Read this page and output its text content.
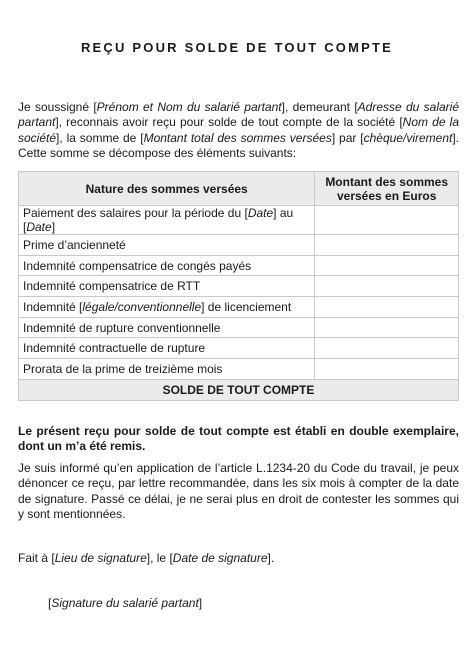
REÇU POUR SOLDE DE TOUT COMPTE
Je soussigné [Prénom et Nom du salarié partant], demeurant [Adresse du salarié partant], reconnais avoir reçu pour solde de tout compte de la société [Nom de la société], la somme de [Montant total des sommes versées] par [chèque/virement]. Cette somme se décompose des éléments suivants:
Nature des sommes versées	Montant des sommes versées en Euros
Paiement des salaires pour la période du [Date] au [Date]	
Prime d’ancienneté	
Indemnité compensatrice de congés payés	
Indemnité compensatrice de RTT	
Indemnité [légale/conventionnelle] de licenciement	
Indemnité de rupture conventionnelle	
Indemnité contractuelle de rupture	
Prorata de la prime de treizième mois	
SOLDE DE TOUT COMPTE	
Le présent reçu pour solde de tout compte est établi en double exemplaire, dont un m’a été remis.
Je suis informé qu’en application de l’article L.1234-20 du Code du travail, je peux dénoncer ce reçu, par lettre recommandée, dans les six mois à compter de la date de signature. Passé ce délai, je ne serai plus en droit de contester les sommes qui y sont mentionnées.
Fait à [Lieu de signature], le [Date de signature].
[Signature du salarié partant]
